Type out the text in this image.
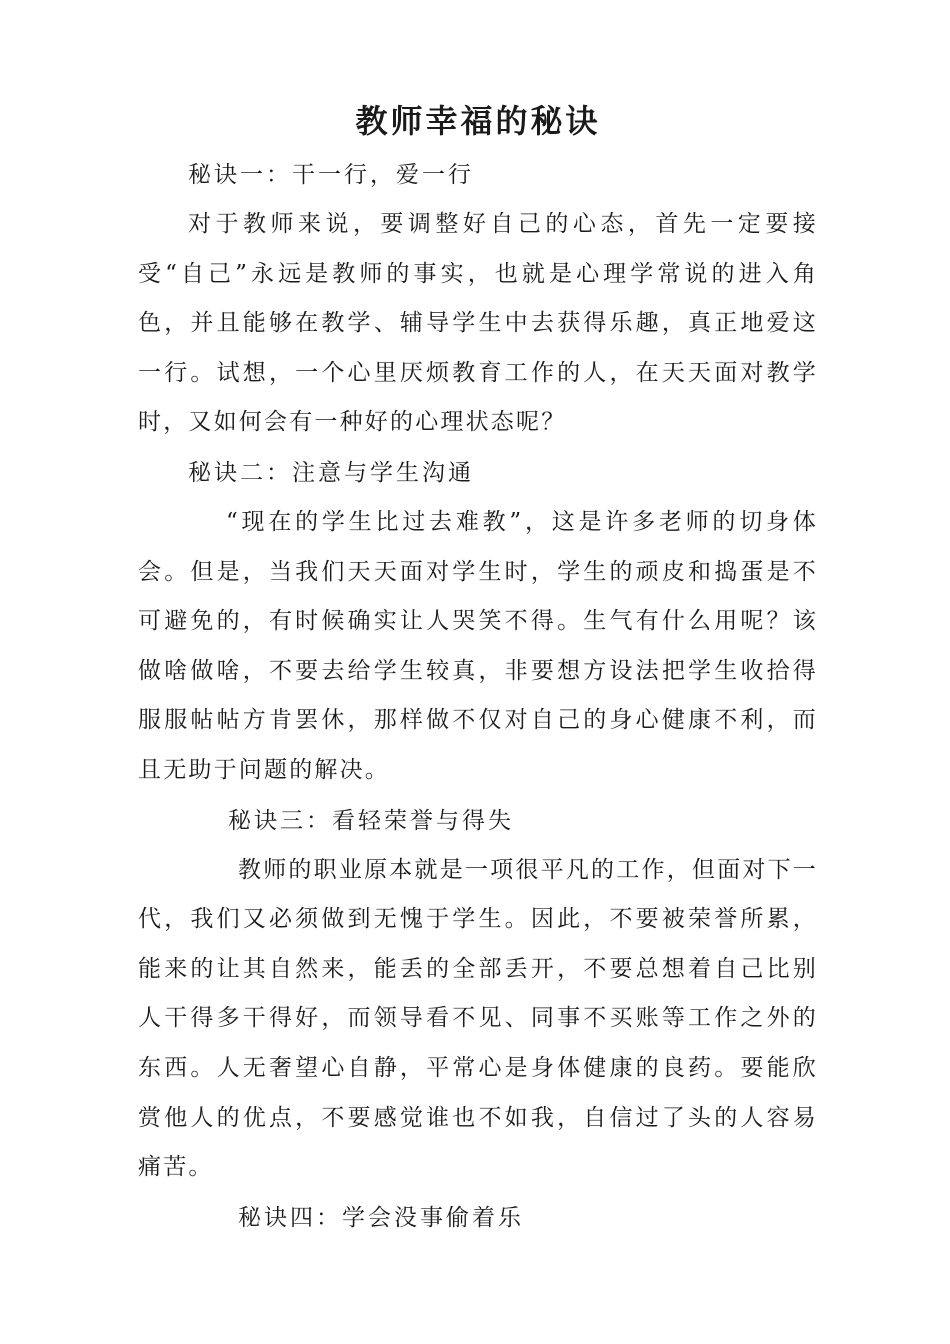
教师幸福的秘诀
秘诀一：干一行，爱一行
对于教师来说，要调整好自己的心态，首先一定要接受“自己”永远是教师的事实，也就是心理学常说的进入角色，并且能够在教学、辅导学生中去获得乐趣，真正地爱这一行。试想，一个心里厌烦教育工作的人，在天天面对教学时，又如何会有一种好的心理状态呢？
秘诀二：注意与学生沟通
“现在的学生比过去难教”，这是许多老师的切身体会。但是，当我们天天面对学生时，学生的顽皮和捣蛋是不可避免的，有时候确实让人哭笑不得。生气有什么用呢？该做啥做啥，不要去给学生较真，非要想方设法把学生收拾得服服帖帖方肯罢休，那样做不仅对自己的身心健康不利，而且无助于问题的解决。
秘诀三：看轻荣誉与得失
教师的职业原本就是一项很平凡的工作，但面对下一代，我们又必须做到无愧于学生。因此，不要被荣誉所累，能来的让其自然来，能丢的全部丢开，不要总想着自己比别人干得多干得好，而领导看不见、同事不买账等工作之外的东西。人无奢望心自静，平常心是身体健康的良药。要能欣赏他人的优点，不要感觉谁也不如我，自信过了头的人容易痛苦。
秘诀四：学会没事偷着乐
